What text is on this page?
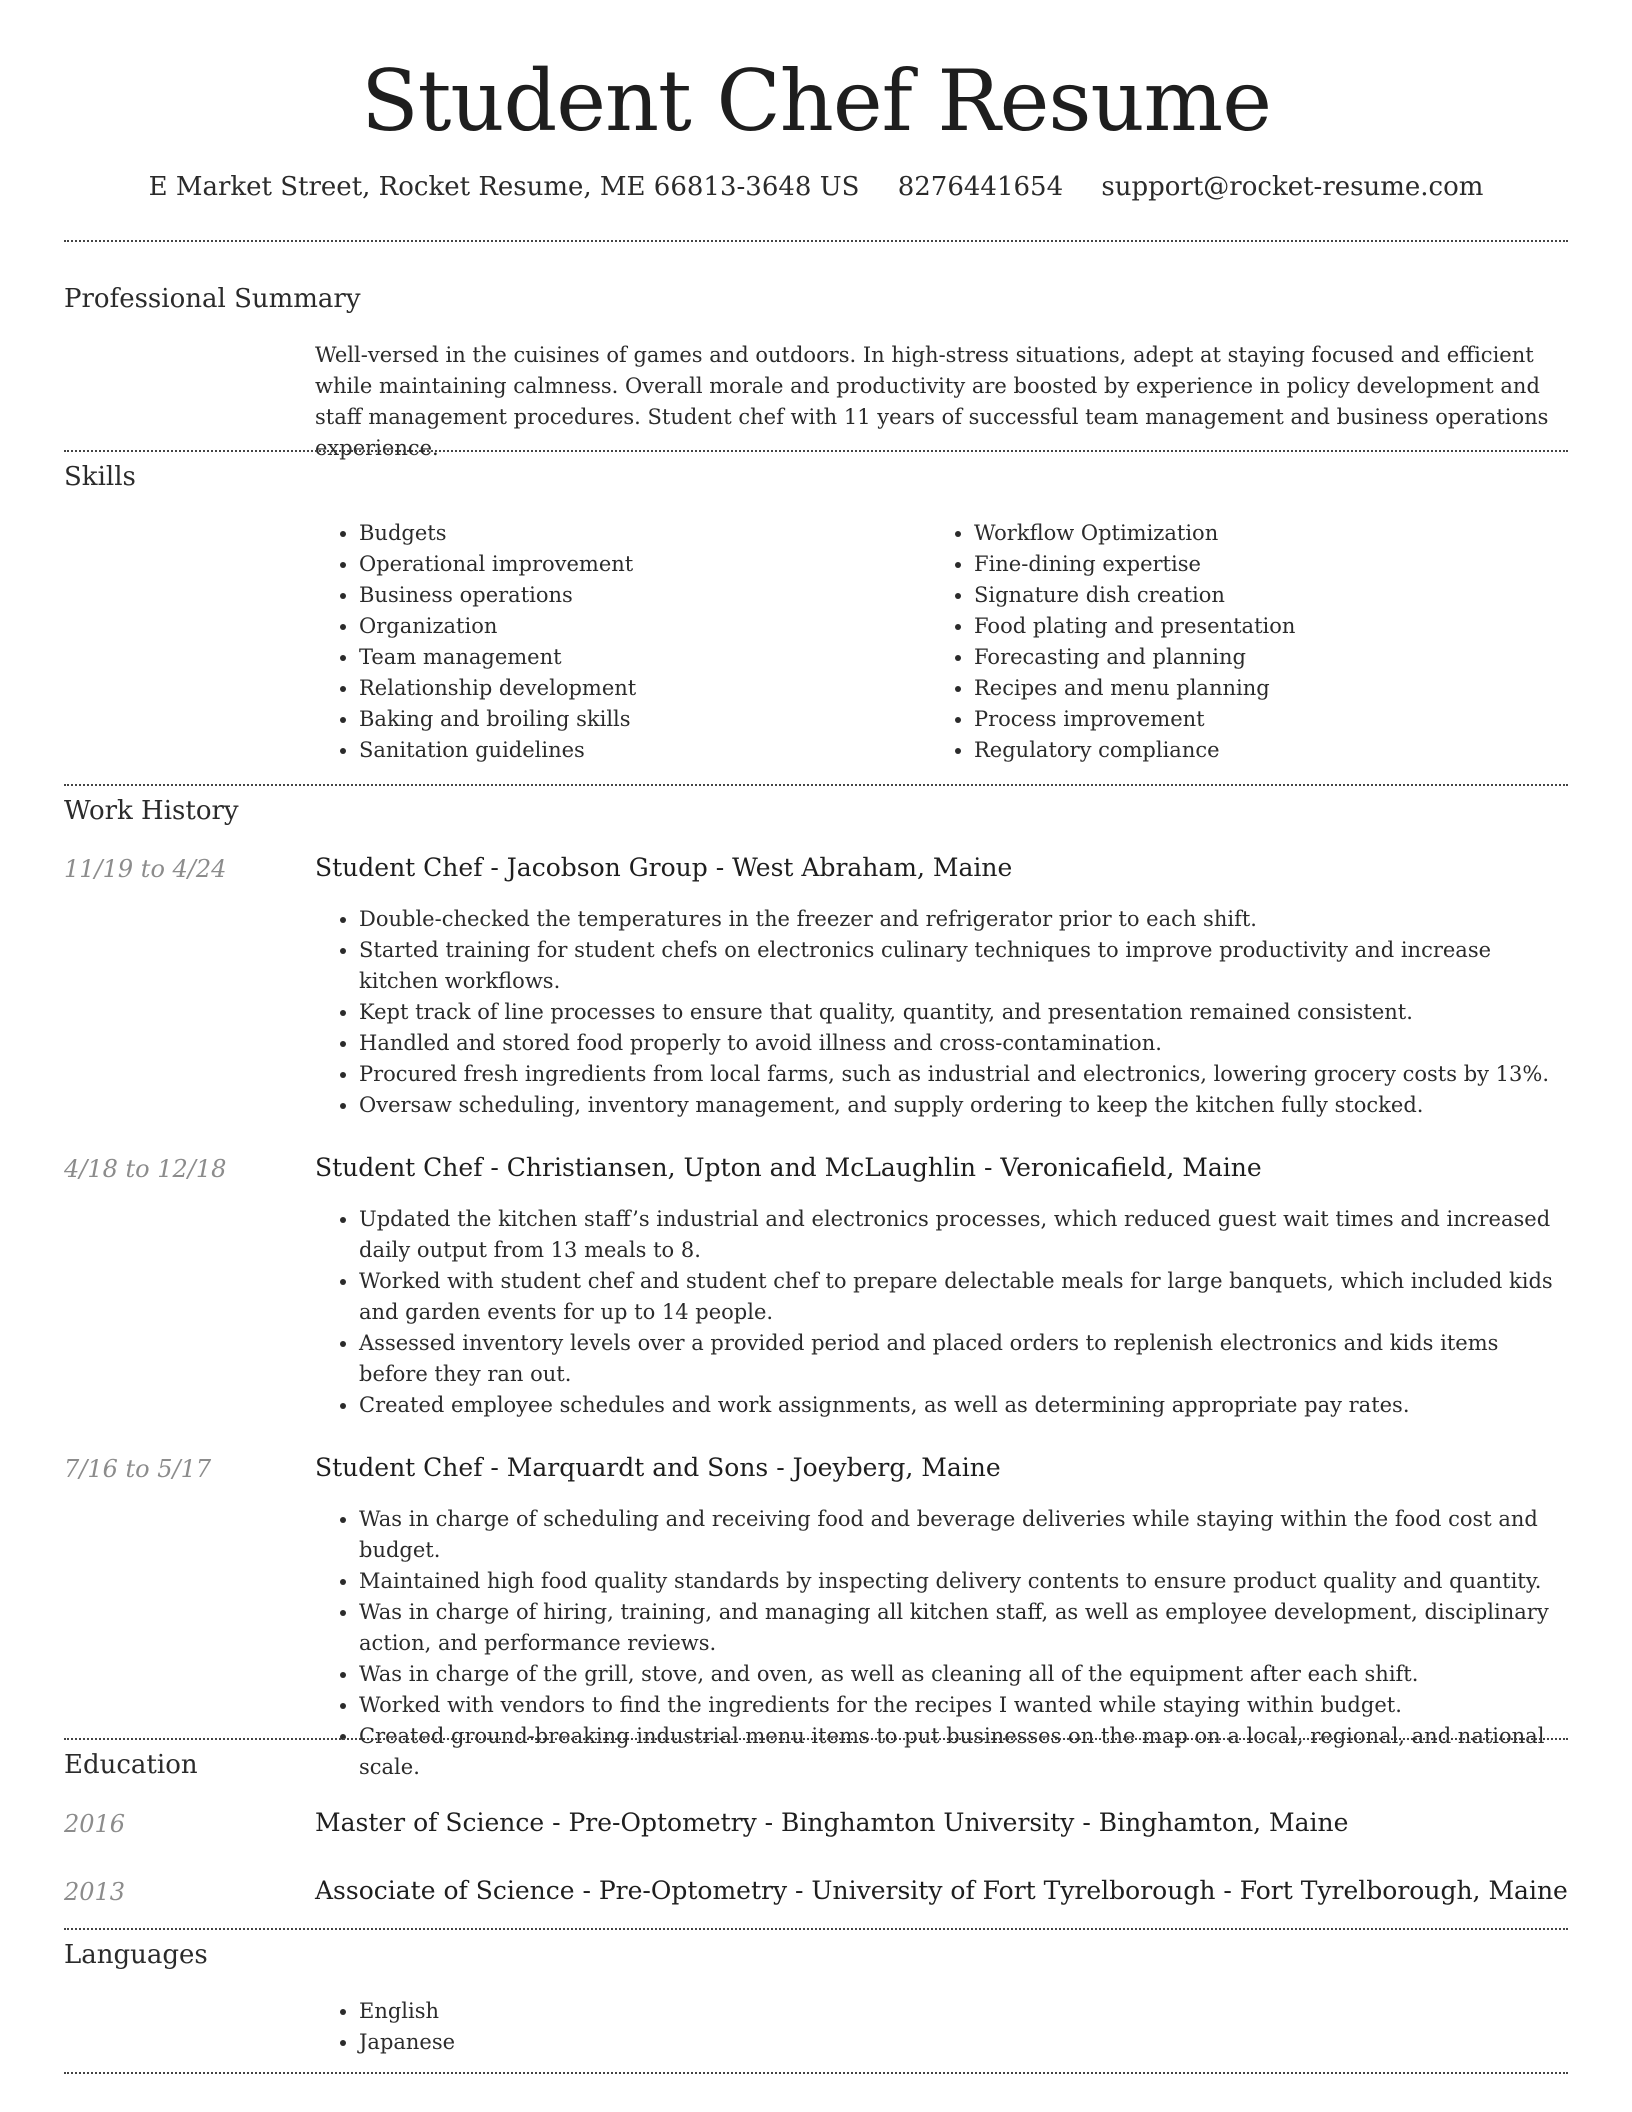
Student Chef Resume
E Market Street, Rocket Resume, ME 66813-3648 US 8276441654 support@rocket-resume.com
Professional Summary

Well-versed in the cuisines of games and outdoors. In high-stress situations, adept at staying focused and efficient while maintaining calmness. Overall morale and productivity are boosted by experience in policy development and staff management procedures. Student chef with 11 years of successful team management and business operations experience.

Skills
• Budgets
• Operational improvement
• Business operations
• Organization
• Team management
• Relationship development
• Baking and broiling skills
• Sanitation guidelines
• Workflow Optimization
• Fine-dining expertise
• Signature dish creation
• Food plating and presentation
• Forecasting and planning
• Recipes and menu planning
• Process improvement
• Regulatory compliance
Work History
11/19 to 4/24	Student Chef - Jacobson Group - West Abraham, Maine
• Double-checked the temperatures in the freezer and refrigerator prior to each shift.
• Started training for student chefs on electronics culinary techniques to improve productivity and increase kitchen workflows.
• Kept track of line processes to ensure that quality, quantity, and presentation remained consistent.
• Handled and stored food properly to avoid illness and cross-contamination.
• Procured fresh ingredients from local farms, such as industrial and electronics, lowering grocery costs by 13%.
• Oversaw scheduling, inventory management, and supply ordering to keep the kitchen fully stocked.
4/18 to 12/18	Student Chef - Christiansen, Upton and McLaughlin - Veronicafield, Maine
• Updated the kitchen staff’s industrial and electronics processes, which reduced guest wait times and increased daily output from 13 meals to 8.
• Worked with student chef and student chef to prepare delectable meals for large banquets, which included kids and garden events for up to 14 people.
• Assessed inventory levels over a provided period and placed orders to replenish electronics and kids items before they ran out.
• Created employee schedules and work assignments, as well as determining appropriate pay rates.
7/16 to 5/17	Student Chef - Marquardt and Sons - Joeyberg, Maine
• Was in charge of scheduling and receiving food and beverage deliveries while staying within the food cost and budget.
• Maintained high food quality standards by inspecting delivery contents to ensure product quality and quantity.
• Was in charge of hiring, training, and managing all kitchen staff, as well as employee development, disciplinary action, and performance reviews.
• Was in charge of the grill, stove, and oven, as well as cleaning all of the equipment after each shift.
• Worked with vendors to find the ingredients for the recipes I wanted while staying within budget.
• Created ground-breaking industrial menu items to put businesses on the map on a local, regional, and national scale.
Education
2016	Master of Science - Pre-Optometry - Binghamton University - Binghamton, Maine
2013	Associate of Science - Pre-Optometry - University of Fort Tyrelborough - Fort Tyrelborough, Maine
Languages
• English
• Japanese
